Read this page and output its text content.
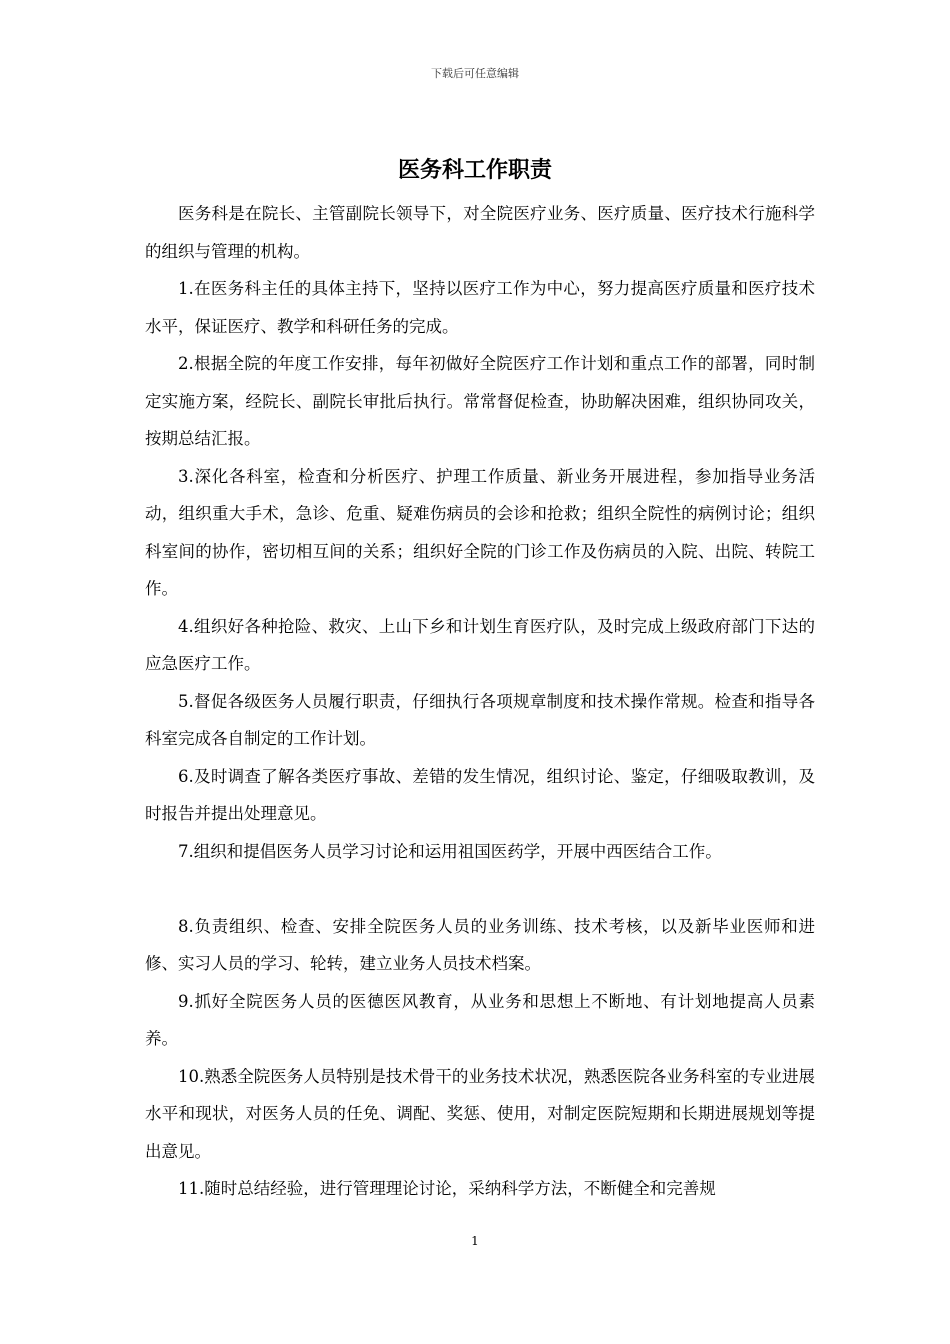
下载后可任意编辑
医务科工作职责

医务科是在院长、主管副院长领导下，对全院医疗业务、医疗质量、医疗技术行施科学的组织与管理的机构。

1.在医务科主任的具体主持下，坚持以医疗工作为中心，努力提高医疗质量和医疗技术水平，保证医疗、教学和科研任务的完成。

2.根据全院的年度工作安排，每年初做好全院医疗工作计划和重点工作的部署，同时制定实施方案，经院长、副院长审批后执行。常常督促检查，协助解决困难，组织协同攻关，按期总结汇报。

3.深化各科室，检查和分析医疗、护理工作质量、新业务开展进程，参加指导业务活动，组织重大手术，急诊、危重、疑难伤病员的会诊和抢救；组织全院性的病例讨论；组织科室间的协作，密切相互间的关系；组织好全院的门诊工作及伤病员的入院、出院、转院工作。

4.组织好各种抢险、救灾、上山下乡和计划生育医疗队，及时完成上级政府部门下达的应急医疗工作。

5.督促各级医务人员履行职责，仔细执行各项规章制度和技术操作常规。检查和指导各科室完成各自制定的工作计划。

6.及时调查了解各类医疗事故、差错的发生情况，组织讨论、鉴定，仔细吸取教训，及时报告并提出处理意见。

7.组织和提倡医务人员学习讨论和运用祖国医药学，开展中西医结合工作。

8.负责组织、检查、安排全院医务人员的业务训练、技术考核，以及新毕业医师和进修、实习人员的学习、轮转，建立业务人员技术档案。

9.抓好全院医务人员的医德医风教育，从业务和思想上不断地、有计划地提高人员素养。

10.熟悉全院医务人员特别是技术骨干的业务技术状况，熟悉医院各业务科室的专业进展水平和现状，对医务人员的任免、调配、奖惩、使用，对制定医院短期和长期进展规划等提出意见。

11.随时总结经验，进行管理理论讨论，采纳科学方法，不断健全和完善规

1
